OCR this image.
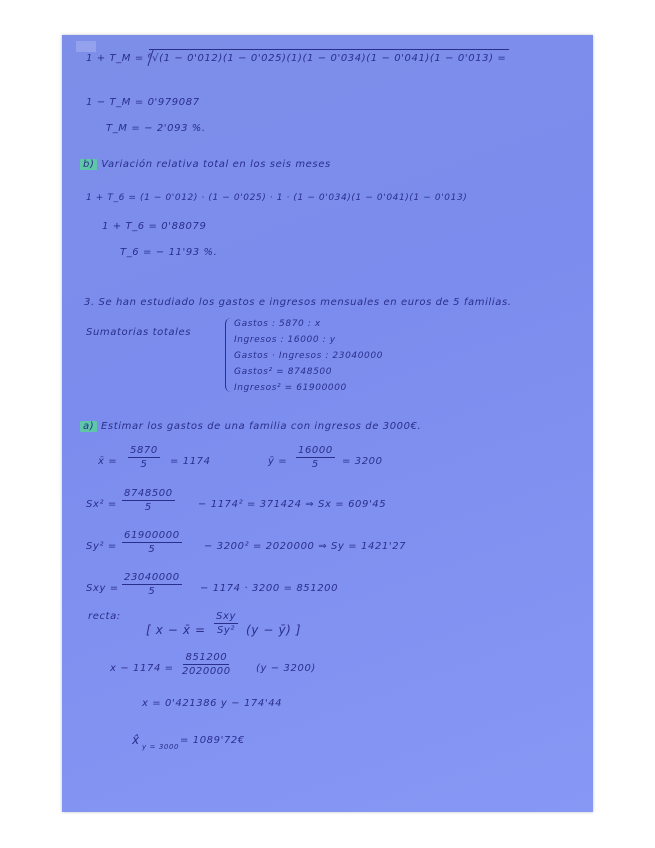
1 + T_M = ⁶√(1 − 0'012)(1 − 0'025)(1)(1 − 0'034)(1 − 0'041)(1 − 0'013) =
1 − T_M = 0'979087
T_M = − 2'093 %.
b) Variación relativa total en los seis meses
1 + T_6 = (1 − 0'012) · (1 − 0'025) · 1 · (1 − 0'034)(1 − 0'041)(1 − 0'013)
1 + T_6 = 0'88079
T_6 = − 11'93 %.
3. Se han estudiado los gastos e ingresos mensuales en euros de 5 familias.
Sumatorias totales
Gastos : 5870 : x
Ingresos : 16000 : y
Gastos · Ingresos : 23040000
Gastos² = 8748500
Ingresos² = 61900000
a) Estimar los gastos de una familia con ingresos de 3000€.
x̄ = $\frac{5870}{5} = 1174$	ȳ = $\frac{16000}{5} = 3200$
$Sx^2 = \frac{8748500}{5} - 1174^2 = 371424$ ⇒ Sx = 609'45
$Sy^2 = \frac{61900000}{5} - 3200^2 = 2020000$ ⇒ Sy = 1421'27
Sxy = $\frac{23040000}{5} - 1174 \cdot 3200 = 851200$
recta:
[ x − x̄ =
Sxy
Sy² (y − ȳ) ]
$x - 1174 = \frac{851200}{2020000}$	(y − 3200)
x = 0'421386 y − 174'44
x̂ y = 3000
= 1089'72€
